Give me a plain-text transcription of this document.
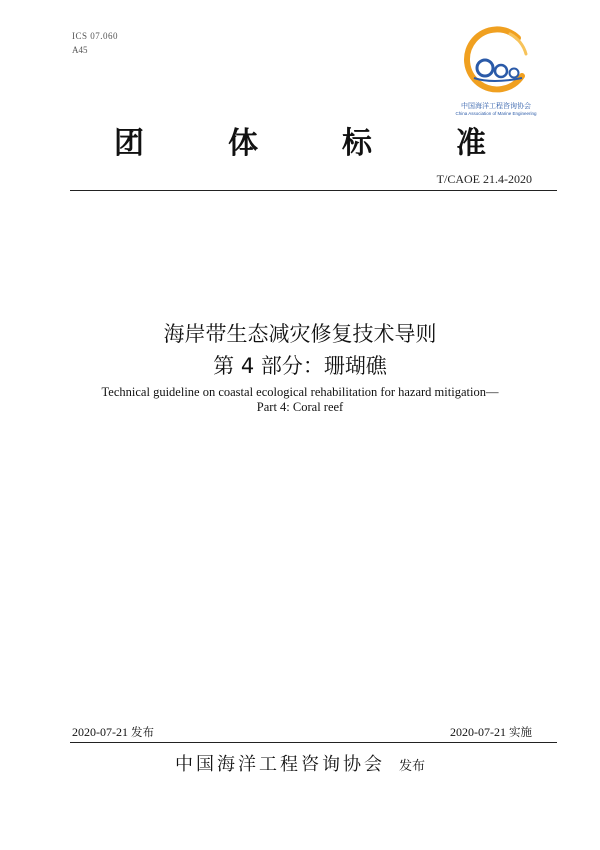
ICS 07.060
A45
中国海洋工程咨询协会
China Association of Marine Engineering
团	体	标	准
T/CAOE 21.4-2020
海岸带生态减灾修复技术导则
第 4 部分：珊瑚礁
Technical guideline on coastal ecological rehabilitation for hazard mitigation—
Part 4: Coral reef
2020-07-21 发布	2020-07-21 实施
中国海洋工程咨询协会 发布
